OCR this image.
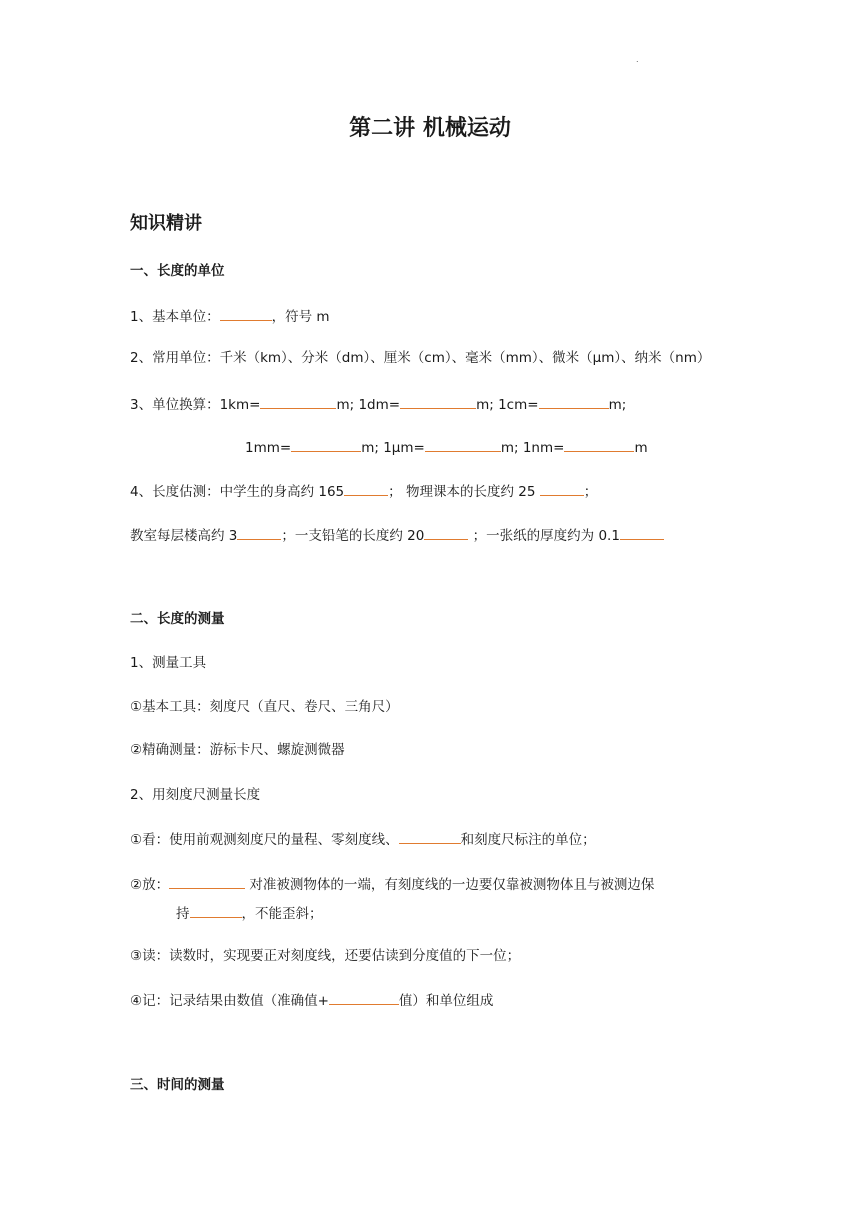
.
第二讲 机械运动
知识精讲
一、长度的单位
1、基本单位：	，符号 m
2、常用单位：千米（km）、分米（dm）、厘米（cm）、毫米（mm）、微米（μm）、纳米（nm）
3、单位换算：1km=	m; 1dm=	m; 1cm=	m;
1mm=	m; 1μm=	m; 1nm=	m
4、长度估测：中学生的身高约 165	； 物理课本的长度约 25	；
教室每层楼高约 3	；一支铅笔的长度约 20	；一张纸的厚度约为 0.1
二、长度的测量
1、测量工具
①基本工具：刻度尺（直尺、卷尺、三角尺）
②精确测量：游标卡尺、螺旋测微器
2、用刻度尺测量长度
①看：使用前观测刻度尺的量程、零刻度线、	和刻度尺标注的单位；
②放：	对准被测物体的一端，有刻度线的一边要仅靠被测物体且与被测边保
持	，不能歪斜；
③读：读数时，实现要正对刻度线，还要估读到分度值的下一位；
④记：记录结果由数值（准确值+	值）和单位组成
三、时间的测量
